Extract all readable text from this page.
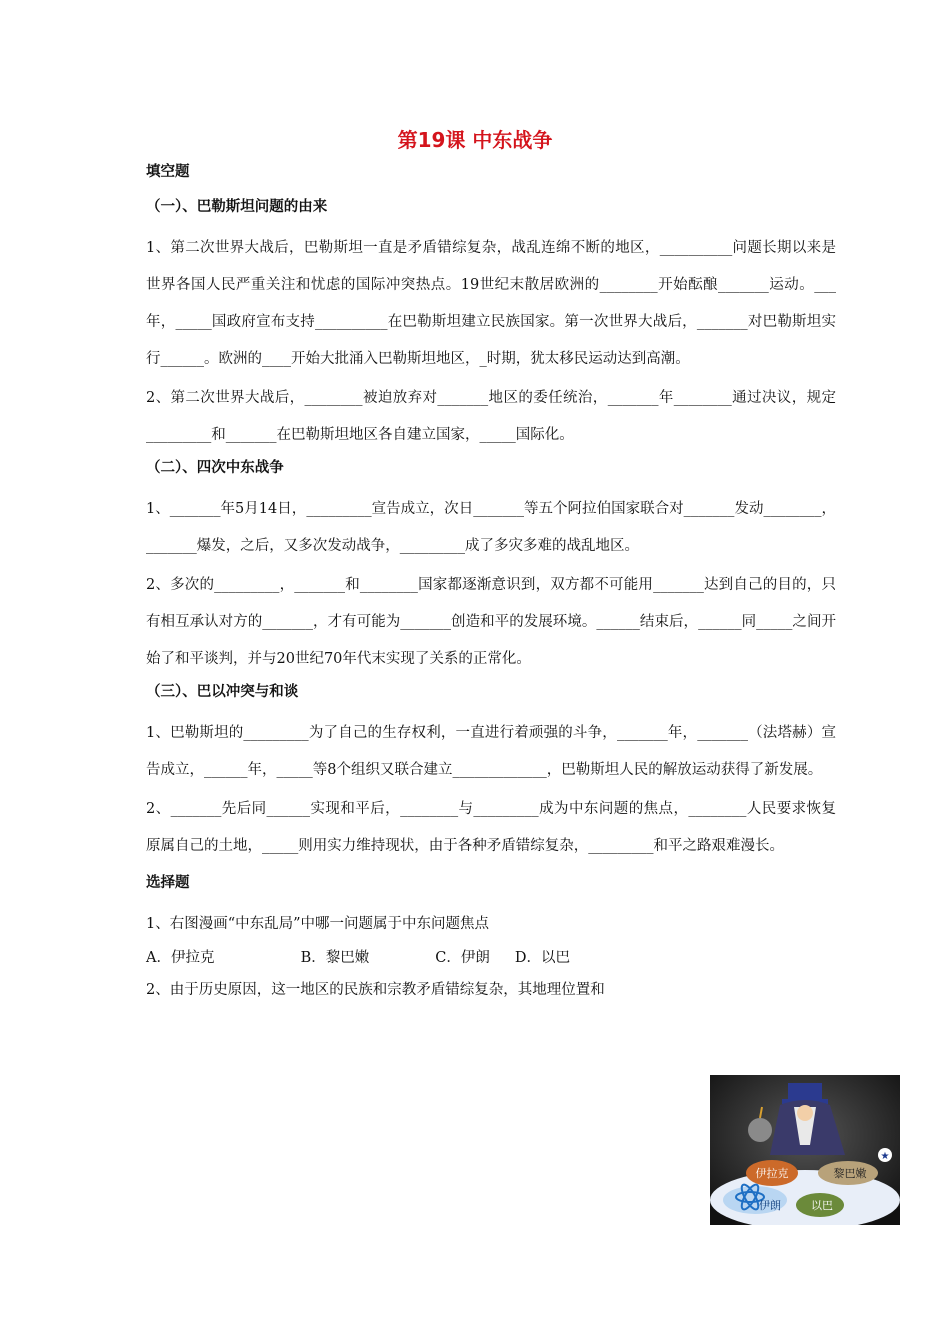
第19课 中东战争
填空题
（一）、巴勒斯坦问题的由来
1、第二次世界大战后，巴勒斯坦一直是矛盾错综复杂，战乱连绵不断的地区，__________问题长期以来是世界各国人民严重关注和忧虑的国际冲突热点。19世纪末散居欧洲的________开始酝酿_______运动。___年，_____国政府宣布支持__________在巴勒斯坦建立民族国家。第一次世界大战后，_______对巴勒斯坦实行______。欧洲的____开始大批涌入巴勒斯坦地区，_时期，犹太移民运动达到高潮。
2、第二次世界大战后，________被迫放弃对_______地区的委任统治，_______年________通过决议，规定_________和_______在巴勒斯坦地区各自建立国家，_____国际化。
（二）、四次中东战争
1、_______年5月14日，_________宣告成立，次日_______等五个阿拉伯国家联合对_______发动________，_______爆发，之后，又多次发动战争，_________成了多灾多难的战乱地区。
2、多次的_________，_______和________国家都逐渐意识到，双方都不可能用_______达到自己的目的，只有相互承认对方的_______，才有可能为_______创造和平的发展环境。______结束后，______同_____之间开始了和平谈判，并与20世纪70年代末实现了关系的正常化。
（三）、巴以冲突与和谈
1、巴勒斯坦的_________为了自己的生存权利，一直进行着顽强的斗争，_______年，_______（法塔赫）宣告成立，______年，_____等8个组织又联合建立_____________，巴勒斯坦人民的解放运动获得了新发展。
2、_______先后同______实现和平后，________与_________成为中东问题的焦点，________人民要求恢复原属自己的土地，_____则用实力维持现状，由于各种矛盾错综复杂，_________和平之路艰难漫长。
选择题
1、右图漫画“中东乱局”中哪一问题属于中东问题焦点
A．伊拉克	B．黎巴嫩	C．伊朗 D．以巴
2、由于历史原因，这一地区的民族和宗教矛盾错综复杂，其地理位置和
伊拉克	黎巴嫩
伊朗	以巴
★
